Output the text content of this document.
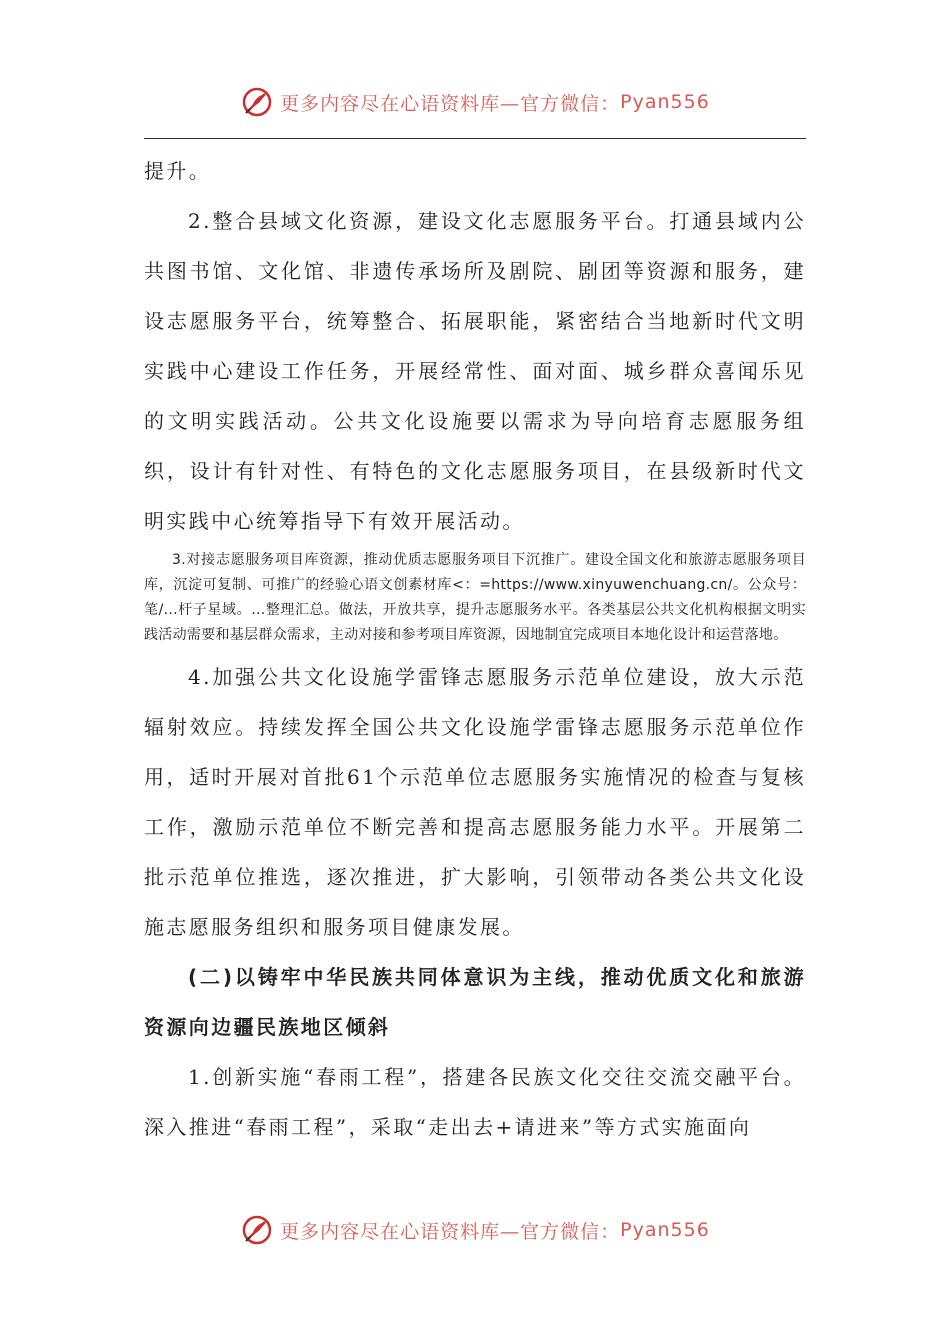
更多内容尽在心语资料库—官方微信： Pyan556

提升。

2.整合县域文化资源，建设文化志愿服务平台。打通县域内公共图书馆、文化馆、非遗传承场所及剧院、剧团等资源和服务，建设志愿服务平台，统筹整合、拓展职能，紧密结合当地新时代文明实践中心建设工作任务，开展经常性、面对面、城乡群众喜闻乐见的文明实践活动。公共文化设施要以需求为导向培育志愿服务组织，设计有针对性、有特色的文化志愿服务项目，在县级新时代文明实践中心统筹指导下有效开展活动。

3.对接志愿服务项目库资源，推动优质志愿服务项目下沉推广。建设全国文化和旅游志愿服务项目库，沉淀可复制、可推广的经验心语文创素材库<：=https://www.xinyuwenchuang.cn/。公众号：笔/...杆子星域。…整理汇总。做法，开放共享，提升志愿服务水平。各类基层公共文化机构根据文明实践活动需要和基层群众需求，主动对接和参考项目库资源，因地制宜完成项目本地化设计和运营落地。

4.加强公共文化设施学雷锋志愿服务示范单位建设，放大示范辐射效应。持续发挥全国公共文化设施学雷锋志愿服务示范单位作用，适时开展对首批61个示范单位志愿服务实施情况的检查与复核工作，激励示范单位不断完善和提高志愿服务能力水平。开展第二批示范单位推选，逐次推进，扩大影响，引领带动各类公共文化设施志愿服务组织和服务项目健康发展。

(二)以铸牢中华民族共同体意识为主线，推动优质文化和旅游资源向边疆民族地区倾斜

1.创新实施“春雨工程”，搭建各民族文化交往交流交融平台。深入推进“春雨工程”，采取“走出去+请进来”等方式实施面向

更多内容尽在心语资料库—官方微信： Pyan556
